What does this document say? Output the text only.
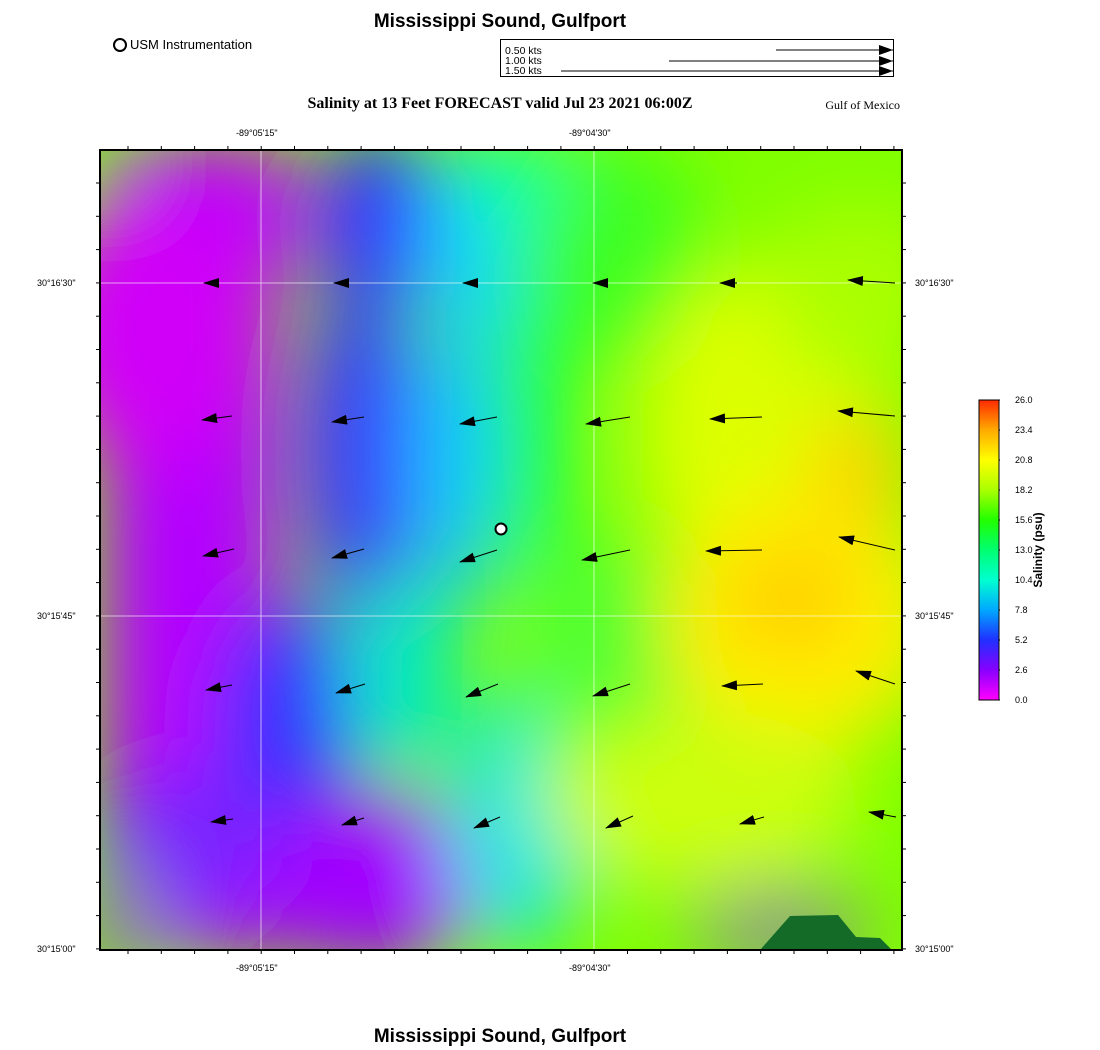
Mississippi Sound, Gulfport
Salinity at 13 Feet FORECAST valid Jul 23 2021 06:00Z	Gulf of Mexico
USM Instrumentation	0.50 kts
1.00 kts
1.50 kts
-89°05'15"	-89°04'30"
-89°05'15"	-89°04'30"
30°16'30"
30°15'45"
30°15'00"
30°16'30"
30°15'45"
30°15'00"
26.0
23.4
20.8
18.2
15.6
13.0
10.4
7.8
5.2
2.6
0.0
Salinity (psu)
Mississippi Sound, Gulfport
